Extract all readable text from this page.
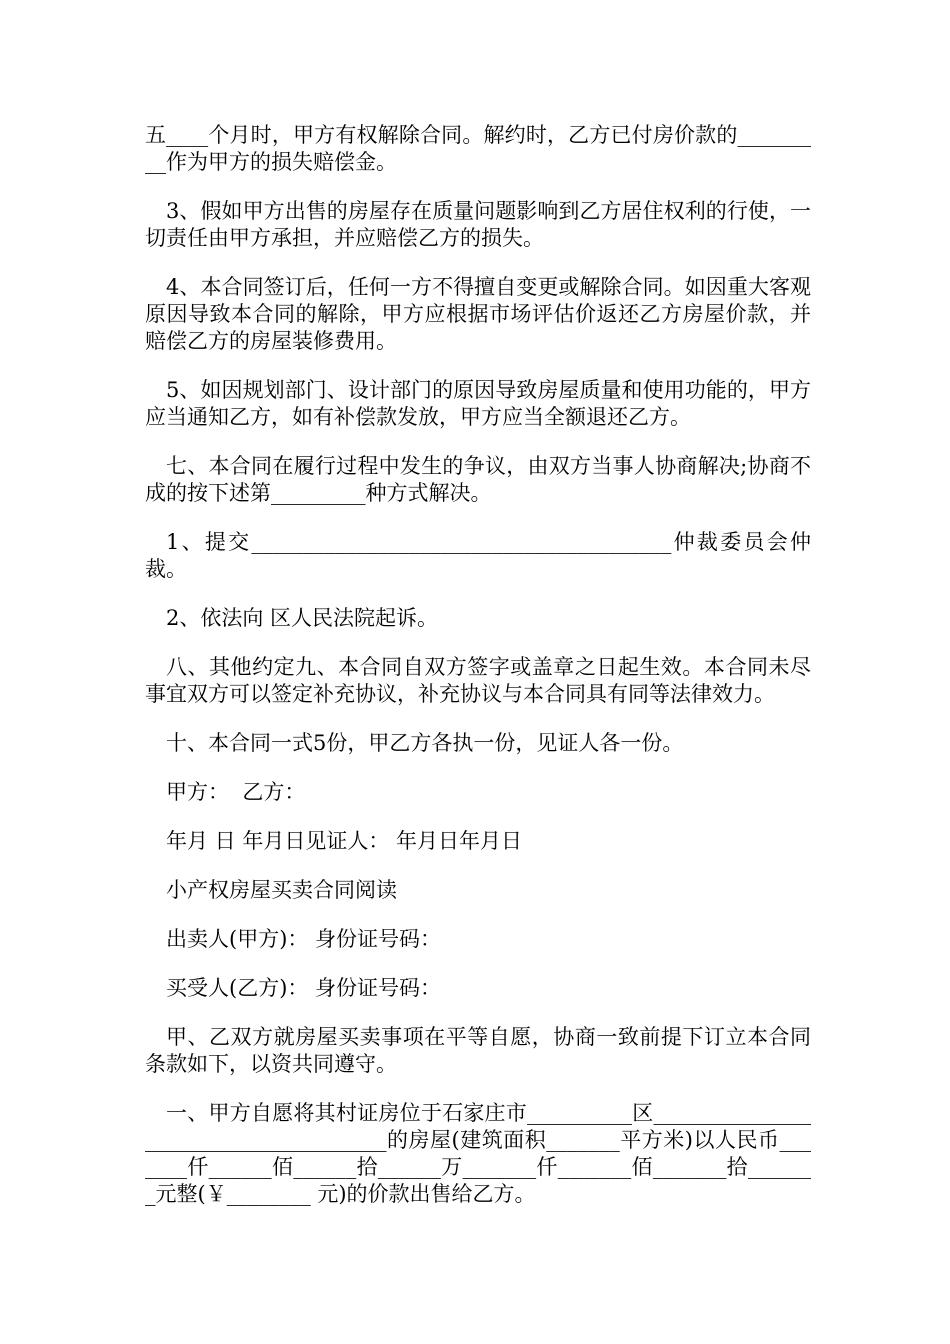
五____个月时，甲方有权解除合同。解约时，乙方已付房价款的_________作为甲方的损失赔偿金。

3、假如甲方出售的房屋存在质量问题影响到乙方居住权利的行使，一切责任由甲方承担，并应赔偿乙方的损失。

4、本合同签订后，任何一方不得擅自变更或解除合同。如因重大客观原因导致本合同的解除，甲方应根据市场评估价返还乙方房屋价款，并赔偿乙方的房屋装修费用。

5、如因规划部门、设计部门的原因导致房屋质量和使用功能的，甲方应当通知乙方，如有补偿款发放，甲方应当全额退还乙方。

七、本合同在履行过程中发生的争议，由双方当事人协商解决;协商不成的按下述第_________种方式解决。

1、提交________________________________________仲裁委员会仲裁。

2、依法向 区人民法院起诉。

八、其他约定九、本合同自双方签字或盖章之日起生效。本合同未尽事宜双方可以签定补充协议，补充协议与本合同具有同等法律效力。

十、本合同一式5份，甲乙方各执一份，见证人各一份。

甲方：  乙方：

年月 日 年月日见证人： 年月日年月日

小产权房屋买卖合同阅读

出卖人(甲方)： 身份证号码：

买受人(乙方)： 身份证号码：

甲、乙双方就房屋买卖事项在平等自愿，协商一致前提下订立本合同条款如下，以资共同遵守。

一、甲方自愿将其村证房位于石家庄市__________区______________________________________的房屋(建筑面积_______平方米)以人民币_______仟______佰______拾______万_______仟_______佰_______拾_______元整(￥________ 元)的价款出售给乙方。
